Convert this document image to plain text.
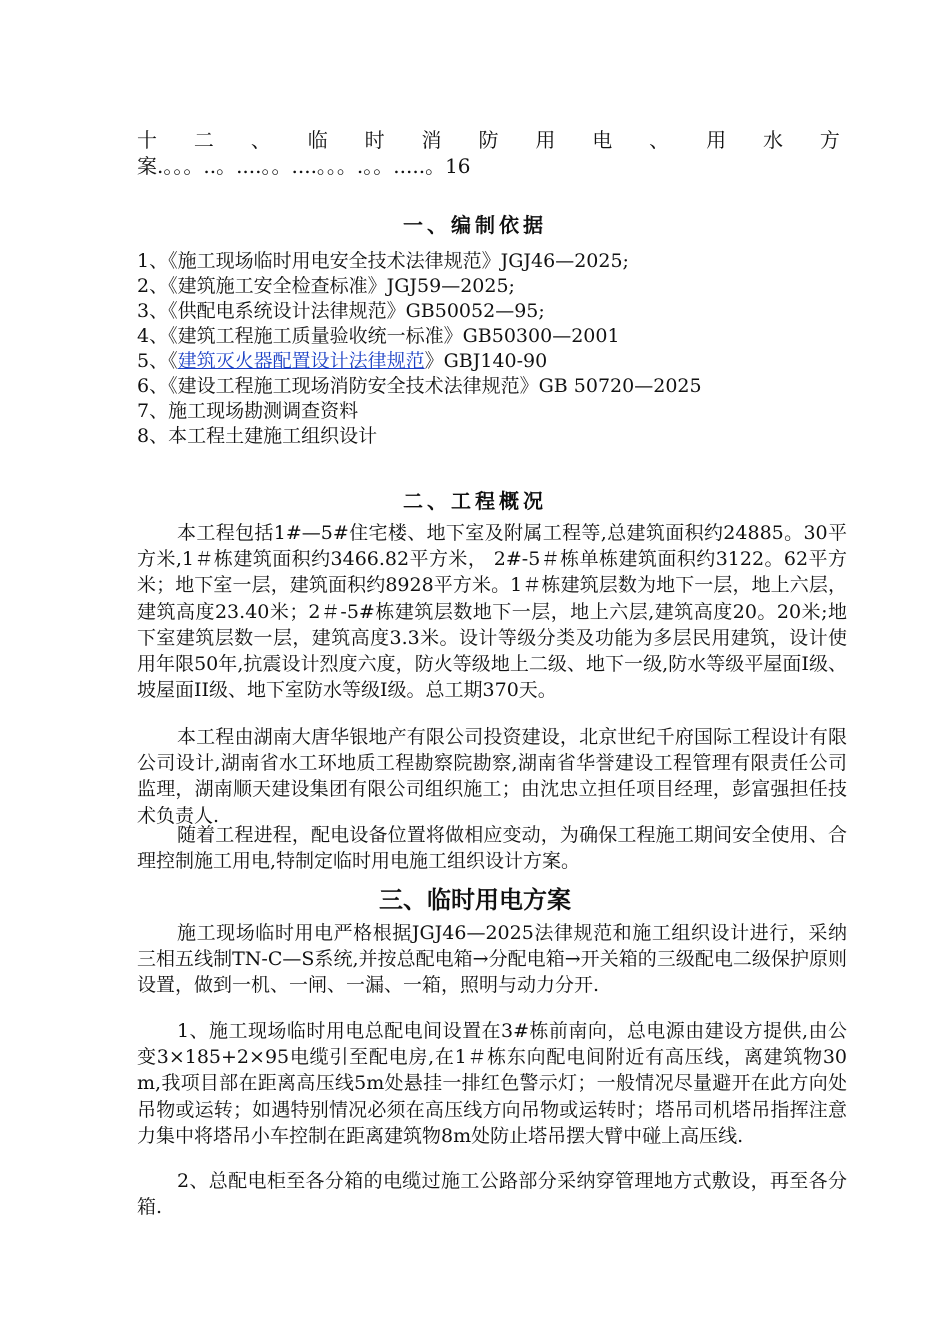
十 二 、 临 时 消 防 用 电 、 用 水 方
案.。。。..。....。。....。。。.。。.....。16
一、编制依据
1、《施工现场临时用电安全技术法律规范》JGJ46—2025;
2、《建筑施工安全检查标准》JGJ59—2025;
3、《供配电系统设计法律规范》GB50052—95;
4、《建筑工程施工质量验收统一标准》GB50300—2001
5、《建筑灭火器配置设计法律规范》GBJ140-90
6、《建设工程施工现场消防安全技术法律规范》GB 50720—2025
7、施工现场勘测调查资料
8、本工程土建施工组织设计
二、工程概况

本工程包括1#—5#住宅楼、地下室及附属工程等,总建筑面积约24885。30平方米,1＃栋建筑面积约3466.82平方米， 2#-5＃栋单栋建筑面积约3122。62平方米；地下室一层，建筑面积约8928平方米。1＃栋建筑层数为地下一层，地上六层，建筑高度23.40米；2＃-5#栋建筑层数地下一层，地上六层,建筑高度20。20米;地下室建筑层数一层，建筑高度3.3米。设计等级分类及功能为多层民用建筑，设计使用年限50年,抗震设计烈度六度，防火等级地上二级、地下一级,防水等级平屋面Ⅰ级、坡屋面ⅠⅠ级、地下室防水等级Ⅰ级。总工期370天。

本工程由湖南大唐华银地产有限公司投资建设，北京世纪千府国际工程设计有限公司设计,湖南省水工环地质工程勘察院勘察,湖南省华誉建设工程管理有限责任公司监理，湖南顺天建设集团有限公司组织施工；由沈忠立担任项目经理，彭富强担任技术负责人.

随着工程进程，配电设备位置将做相应变动，为确保工程施工期间安全使用、合理控制施工用电,特制定临时用电施工组织设计方案。

三、临时用电方案

施工现场临时用电严格根据JGJ46—2025法律规范和施工组织设计进行，采纳三相五线制TN-C—S系统,并按总配电箱→分配电箱→开关箱的三级配电二级保护原则设置，做到一机、一闸、一漏、一箱，照明与动力分开.

1、施工现场临时用电总配电间设置在3#栋前南向，总电源由建设方提供,由公变3×185+2×95电缆引至配电房,在1＃栋东向配电间附近有高压线，离建筑物30m,我项目部在距离高压线5m处悬挂一排红色警示灯；一般情况尽量避开在此方向处吊物或运转；如遇特别情况必须在高压线方向吊物或运转时；塔吊司机塔吊指挥注意力集中将塔吊小车控制在距离建筑物8m处防止塔吊摆大臂中碰上高压线.

2、总配电柜至各分箱的电缆过施工公路部分采纳穿管理地方式敷设，再至各分箱.
